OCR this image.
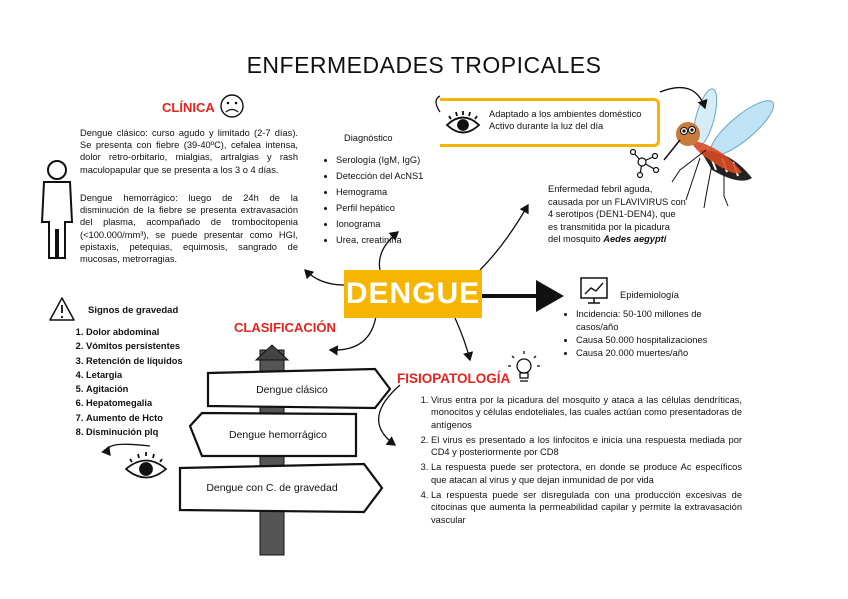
ENFERMEDADES TROPICALES
CLÍNICA
Dengue clásico: curso agudo y limitado (2-7 días). Se presenta con fiebre (39-40ºC), cefalea intensa, dolor retro-orbitario, mialgias, artralgias y rash maculopapular que se presenta a los 3 o 4 días.
Dengue hemorrágico: luego de 24h de la disminución de la fiebre se presenta extravasación del plasma, acompañado de trombocitopenia (<100.000/mm³), se puede presentar como HGI, epistaxis, petequias, equimosis, sangrado de mucosas, metrorragias.
Diagnóstico
• Serología (IgM, IgG)
• Detección del AcNS1
• Hemograma
• Perfil hepático
• Ionograma
• Urea, creatinina
Adaptado a los ambientes doméstico
Activo durante la luz del día
Enfermedad febril aguda,
causada por un FLAVIVIRUS con
4 serotipos (DEN1-DEN4), que
es transmitida por la picadura
del mosquito Aedes aegypti
DENGUE	Epidemiología
• Incidencia: 50-100 millones de casos/año
• Causa 50.000 hospitalizaciones
• Causa 20.000 muertes/año
Signos de gravedad
1. Dolor abdominal
2. Vómitos persistentes
3. Retención de líquidos
4. Letargia
5. Agitación
6. Hepatomegalia
7. Aumento de Hcto
8. Disminución plq
CLASIFICACIÓN
Dengue clásico
Dengue hemorrágico
Dengue con C. de gravedad
FISIOPATOLOGÍA
1. Virus entra por la picadura del mosquito y ataca a las células dendríticas, monocitos y células endoteliales, las cuales actúan como presentadoras de antígenos
2. El virus es presentado a los linfocitos e inicia una respuesta mediada por CD4 y posteriormente por CD8
3. La respuesta puede ser protectora, en donde se produce Ac específicos que atacan al virus y que dejan inmunidad de por vida
4. La respuesta puede ser disregulada con una producción excesivas de citocinas que aumenta la permeabilidad capilar y permite la extravasación vascular
